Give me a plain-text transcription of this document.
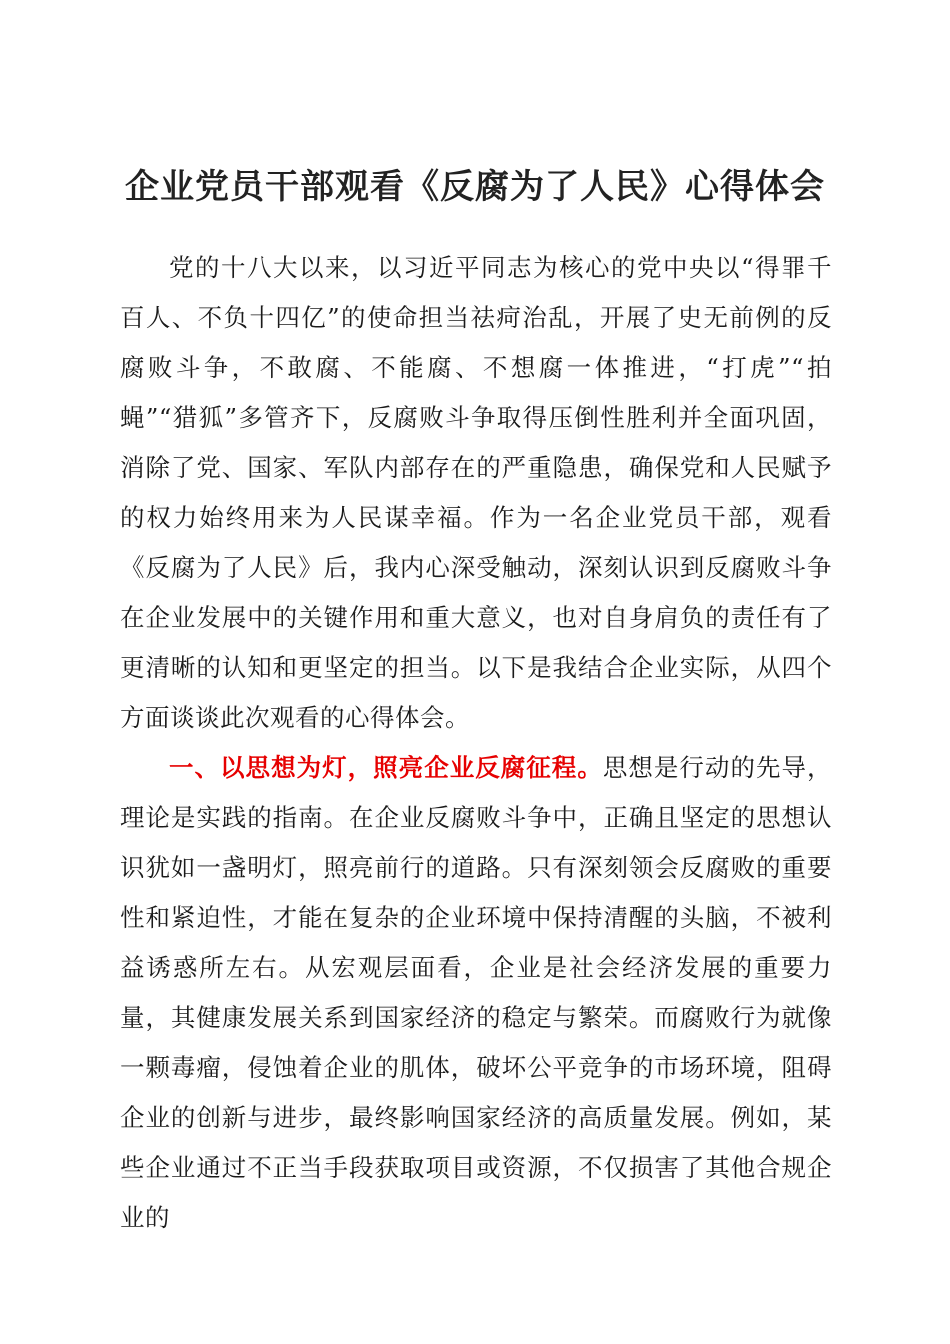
企业党员干部观看《反腐为了人民》心得体会

党的十八大以来，以习近平同志为核心的党中央以“得罪千百人、不负十四亿”的使命担当祛疴治乱，开展了史无前例的反腐败斗争，不敢腐、不能腐、不想腐一体推进，“打虎”“拍蝇”“猎狐”多管齐下，反腐败斗争取得压倒性胜利并全面巩固，消除了党、国家、军队内部存在的严重隐患，确保党和人民赋予的权力始终用来为人民谋幸福。作为一名企业党员干部，观看《反腐为了人民》后，我内心深受触动，深刻认识到反腐败斗争在企业发展中的关键作用和重大意义，也对自身肩负的责任有了更清晰的认知和更坚定的担当。以下是我结合企业实际，从四个方面谈谈此次观看的心得体会。

一、以思想为灯，照亮企业反腐征程。思想是行动的先导，理论是实践的指南。在企业反腐败斗争中，正确且坚定的思想认识犹如一盏明灯，照亮前行的道路。只有深刻领会反腐败的重要性和紧迫性，才能在复杂的企业环境中保持清醒的头脑，不被利益诱惑所左右。从宏观层面看，企业是社会经济发展的重要力量，其健康发展关系到国家经济的稳定与繁荣。而腐败行为就像一颗毒瘤，侵蚀着企业的肌体，破坏公平竞争的市场环境，阻碍企业的创新与进步，最终影响国家经济的高质量发展。例如，某些企业通过不正当手段获取项目或资源，不仅损害了其他合规企业的
